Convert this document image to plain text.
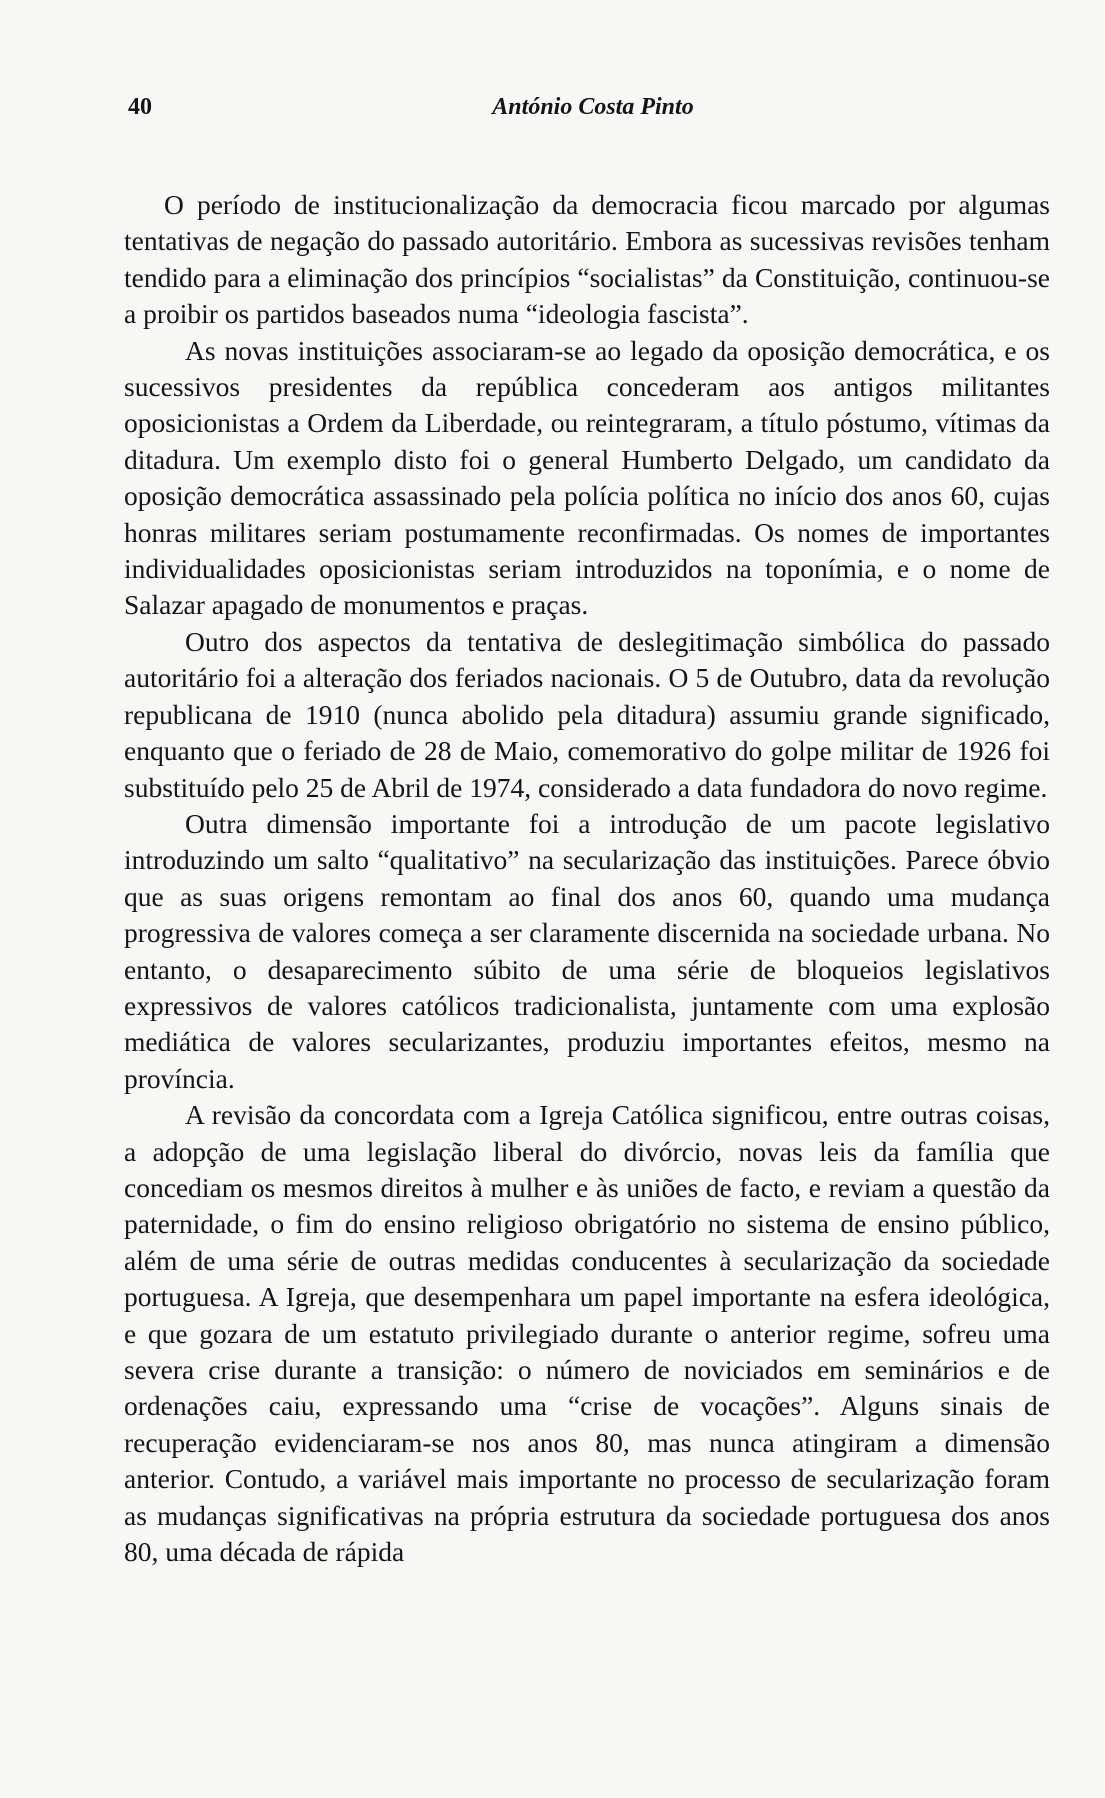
40	António Costa Pinto

O período de institucionalização da democracia ficou marcado por algumas tentativas de negação do passado autoritário. Embora as sucessivas revisões tenham tendido para a eliminação dos princípios “socialistas” da Constituição, continuou-se a proibir os partidos baseados numa “ideologia fascista”.

As novas instituições associaram-se ao legado da oposição democrática, e os sucessivos presidentes da república concederam aos antigos militantes oposicionistas a Ordem da Liberdade, ou reintegraram, a título póstumo, vítimas da ditadura. Um exemplo disto foi o general Humberto Delgado, um candidato da oposição democrática assassinado pela polícia política no início dos anos 60, cujas honras militares seriam postumamente reconfirmadas. Os nomes de importantes individualidades oposicionistas seriam introduzidos na toponímia, e o nome de Salazar apagado de monumentos e praças.

Outro dos aspectos da tentativa de deslegitimação simbólica do passado autoritário foi a alteração dos feriados nacionais. O 5 de Outubro, data da revolução republicana de 1910 (nunca abolido pela ditadura) assumiu grande significado, enquanto que o feriado de 28 de Maio, comemorativo do golpe militar de 1926 foi substituído pelo 25 de Abril de 1974, considerado a data fundadora do novo regime.

Outra dimensão importante foi a introdução de um pacote legislativo introduzindo um salto “qualitativo” na secularização das instituições. Parece óbvio que as suas origens remontam ao final dos anos 60, quando uma mudança progressiva de valores começa a ser claramente discernida na sociedade urbana. No entanto, o desaparecimento súbito de uma série de bloqueios legislativos expressivos de valores católicos tradicionalista, juntamente com uma explosão mediática de valores secularizantes, produziu importantes efeitos, mesmo na província.

A revisão da concordata com a Igreja Católica significou, entre outras coisas, a adopção de uma legislação liberal do divórcio, novas leis da família que concediam os mesmos direitos à mulher e às uniões de facto, e reviam a questão da paternidade, o fim do ensino religioso obrigatório no sistema de ensino público, além de uma série de outras medidas conducentes à secularização da sociedade portuguesa. A Igreja, que desempenhara um papel importante na esfera ideológica, e que gozara de um estatuto privilegiado durante o anterior regime, sofreu uma severa crise durante a transição: o número de noviciados em seminários e de ordenações caiu, expressando uma “crise de vocações”. Alguns sinais de recuperação evidenciaram-se nos anos 80, mas nunca atingiram a dimensão anterior. Contudo, a variável mais importante no processo de secularização foram as mudanças significativas na própria estrutura da sociedade portuguesa dos anos 80, uma década de rápida
